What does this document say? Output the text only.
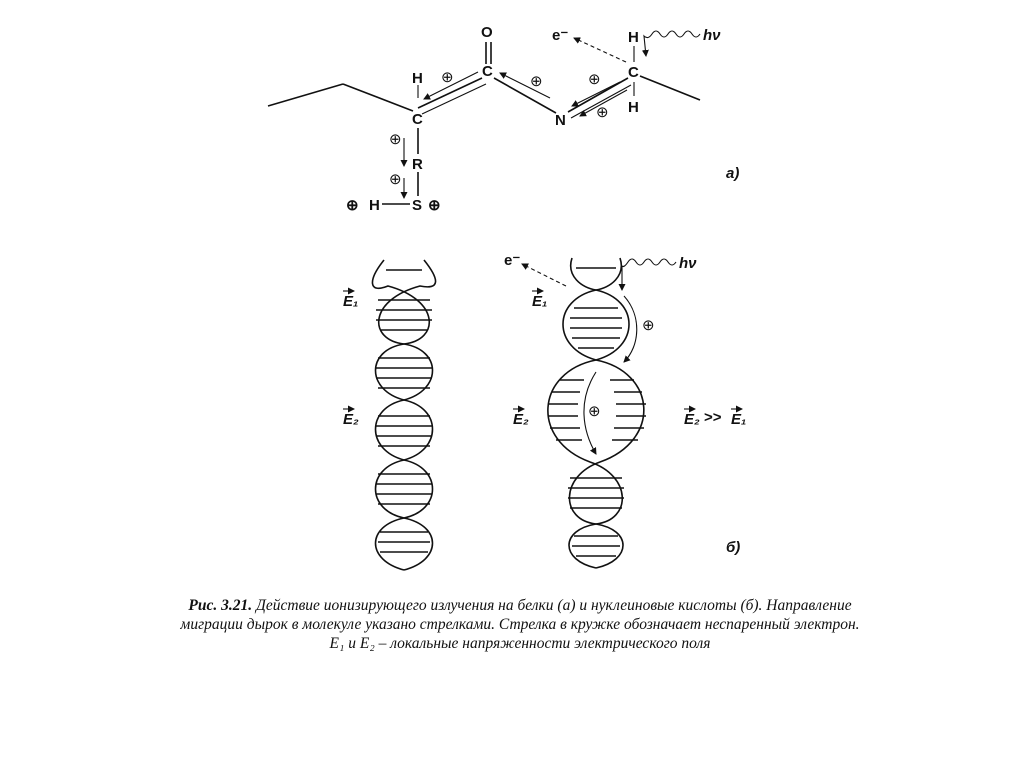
O
C
H
C	N
H
C
H
R
S
H
⊕	⊕	⊕
⊕
⊕
⊕
⊕	⊕
e⁻	hν
а)
E₁
E₂
⊕
⊕
e⁻	hν
E₁
E₂	E₂ >> E₁
б)
Рис. 3.21. Действие ионизирующего излучения на белки (а) и нуклеиновые кислоты (б). Направление миграции дырок в молекуле указано стрелками. Стрелка в кружке обозначает неспаренный электрон. E₁ и E₂ – локальные напряженности электрического поля
